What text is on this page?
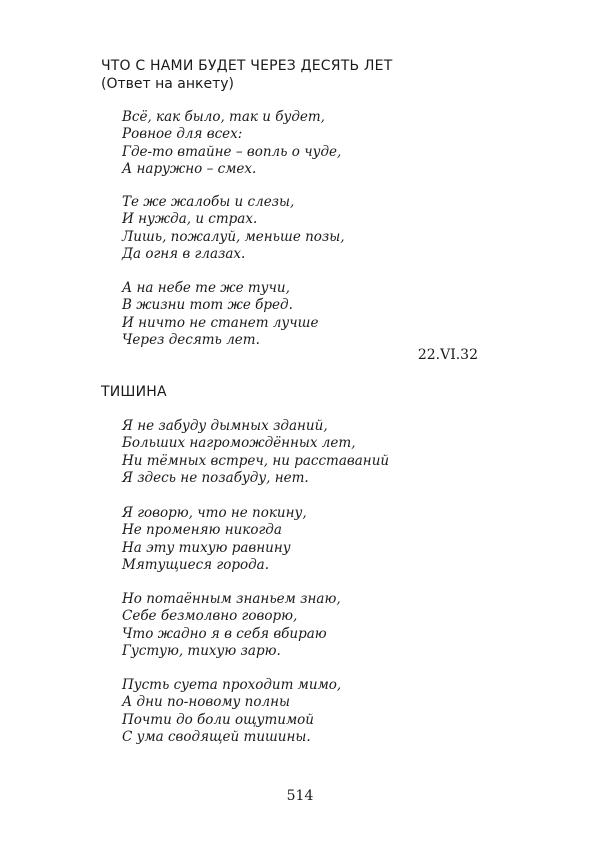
ЧТО С НАМИ БУДЕТ ЧЕРЕЗ ДЕСЯТЬ ЛЕТ
(Ответ на анкету)
Всё, как было, так и будет,
Ровное для всех:
Где-то втайне – вопль о чуде,
А наружно – смех.
Те же жалобы и слезы,
И нужда, и страх.
Лишь, пожалуй, меньше позы,
Да огня в глазах.
А на небе те же тучи,
В жизни тот же бред.
И ничто не станет лучше
Через десять лет.
22.VI.32
ТИШИНА
Я не забуду дымных зданий,
Больших нагромождённых лет,
Ни тёмных встреч, ни расставаний
Я здесь не позабуду, нет.
Я говорю, что не покину,
Не променяю никогда
На эту тихую равнину
Мятущиеся города.
Но потаённым знаньем знаю,
Себе безмолвно говорю,
Что жадно я в себя вбираю
Густую, тихую зарю.
Пусть суета проходит мимо,
А дни по-новому полны
Почти до боли ощутимой
С ума сводящей тишины.
514
